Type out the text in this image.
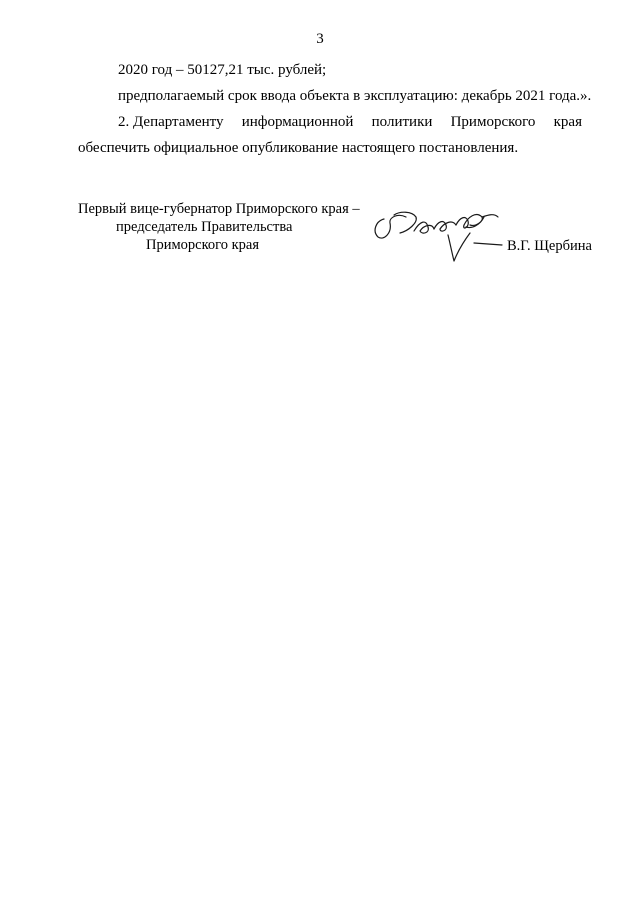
3
2020 год – 50127,21 тыс. рублей;
предполагаемый срок ввода объекта в эксплуатацию: декабрь 2021 года.».
2. Департаменту информационной политики Приморского края
обеспечить официальное опубликование настоящего постановления.
Первый вице-губернатор Приморского края –
председатель Правительства
Приморского края	В.Г. Щербина
